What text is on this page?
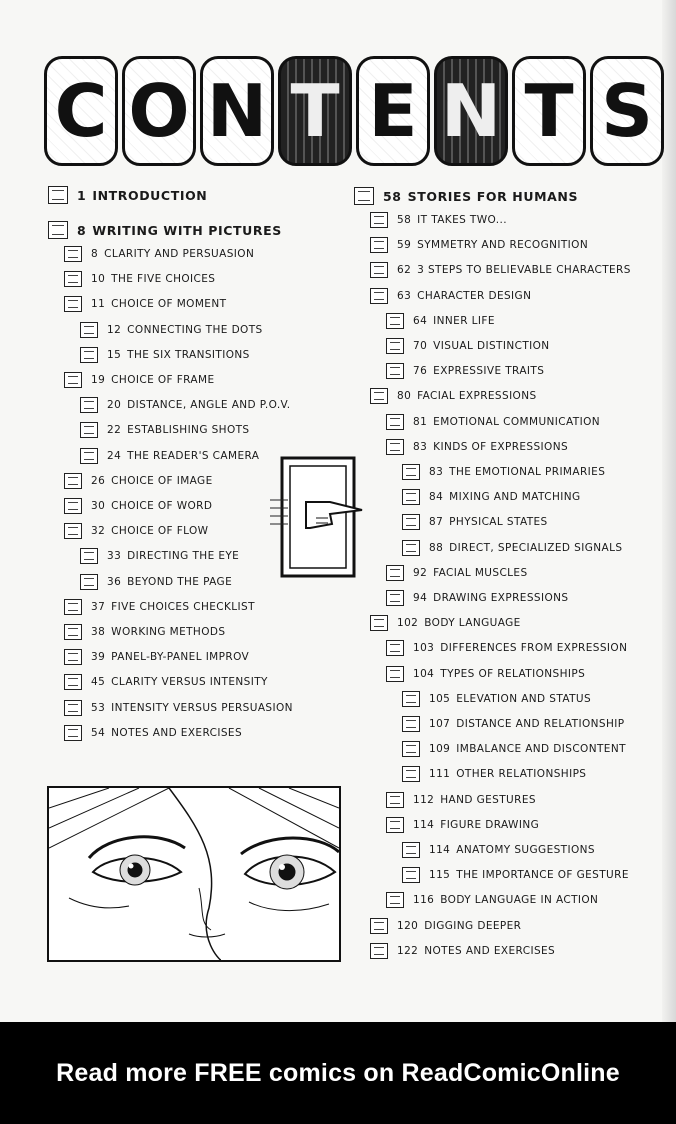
C O N T E N T S
1 INTRODUCTION
8 WRITING WITH PICTURES
8 CLARITY AND PERSUASION
10 THE FIVE CHOICES
11 CHOICE OF MOMENT
12 CONNECTING THE DOTS
15 THE SIX TRANSITIONS
19 CHOICE OF FRAME
20 DISTANCE, ANGLE AND P.O.V.
22 ESTABLISHING SHOTS
24 THE READER'S CAMERA
26 CHOICE OF IMAGE
30 CHOICE OF WORD
32 CHOICE OF FLOW
33 DIRECTING THE EYE
36 BEYOND THE PAGE
37 FIVE CHOICES CHECKLIST
38 WORKING METHODS
39 PANEL-BY-PANEL IMPROV
45 CLARITY VERSUS INTENSITY
53 INTENSITY VERSUS PERSUASION
54 NOTES AND EXERCISES
58 STORIES FOR HUMANS
58 IT TAKES TWO...
59 SYMMETRY AND RECOGNITION
62 3 STEPS TO BELIEVABLE CHARACTERS
63 CHARACTER DESIGN
64 INNER LIFE
70 VISUAL DISTINCTION
76 EXPRESSIVE TRAITS
80 FACIAL EXPRESSIONS
81 EMOTIONAL COMMUNICATION
83 KINDS OF EXPRESSIONS
83 THE EMOTIONAL PRIMARIES
84 MIXING AND MATCHING
87 PHYSICAL STATES
88 DIRECT, SPECIALIZED SIGNALS
92 FACIAL MUSCLES
94 DRAWING EXPRESSIONS
102 BODY LANGUAGE
103 DIFFERENCES FROM EXPRESSION
104 TYPES OF RELATIONSHIPS
105 ELEVATION AND STATUS
107 DISTANCE AND RELATIONSHIP
109 IMBALANCE AND DISCONTENT
111 OTHER RELATIONSHIPS
112 HAND GESTURES
114 FIGURE DRAWING
114 ANATOMY SUGGESTIONS
115 THE IMPORTANCE OF GESTURE
116 BODY LANGUAGE IN ACTION
120 DIGGING DEEPER
122 NOTES AND EXERCISES
Read more FREE comics on ReadComicOnline
